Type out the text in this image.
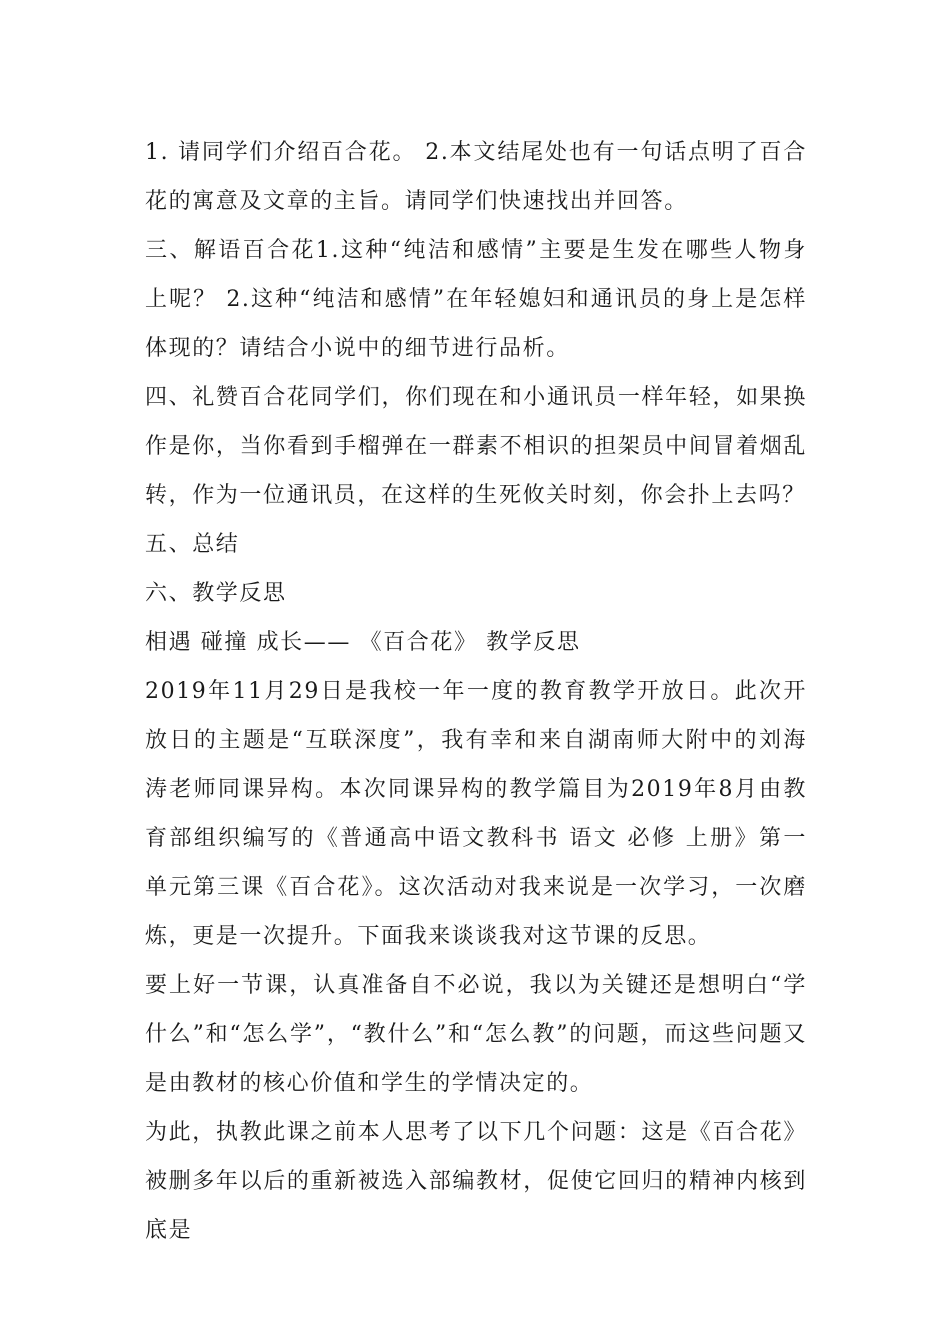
1. 请同学们介绍百合花。 2.本文结尾处也有一句话点明了百合花的寓意及文章的主旨。请同学们快速找出并回答。

三、解语百合花1.这种“纯洁和感情”主要是生发在哪些人物身上呢？ 2.这种“纯洁和感情”在年轻媳妇和通讯员的身上是怎样体现的？请结合小说中的细节进行品析。

四、礼赞百合花同学们，你们现在和小通讯员一样年轻，如果换作是你，当你看到手榴弹在一群素不相识的担架员中间冒着烟乱转，作为一位通讯员，在这样的生死攸关时刻，你会扑上去吗？

五、总结

六、教学反思

相遇 碰撞 成长—— 《百合花》 教学反思

2019年11月29日是我校一年一度的教育教学开放日。此次开放日的主题是“互联深度”，我有幸和来自湖南师大附中的刘海涛老师同课异构。本次同课异构的教学篇目为2019年8月由教育部组织编写的《普通高中语文教科书 语文 必修 上册》第一单元第三课《百合花》。这次活动对我来说是一次学习，一次磨炼，更是一次提升。下面我来谈谈我对这节课的反思。

要上好一节课，认真准备自不必说，我以为关键还是想明白“学什么”和“怎么学”，“教什么”和“怎么教”的问题，而这些问题又是由教材的核心价值和学生的学情决定的。

为此，执教此课之前本人思考了以下几个问题：这是《百合花》被删多年以后的重新被选入部编教材，促使它回归的精神内核到底是
